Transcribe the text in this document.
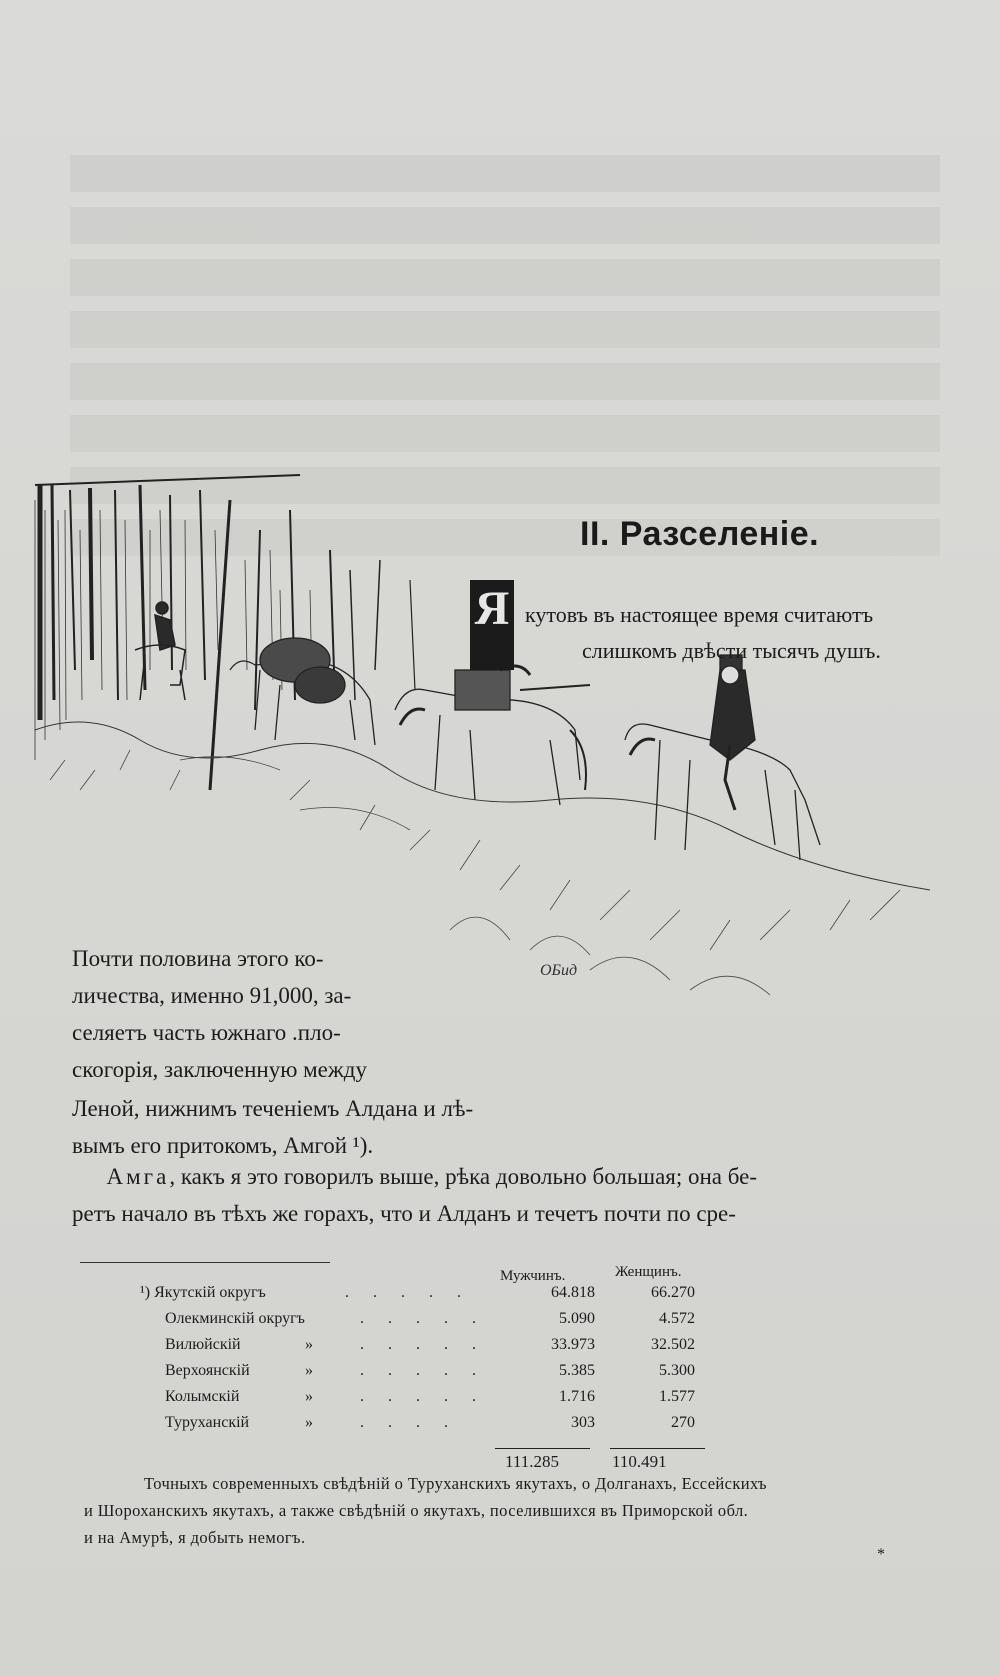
ОБид
II. Разселеніе.
Я кутовъ въ настоящее время считаютъ
слишкомъ двѣсти тысячъ душъ.
Почти половина этого ко-
личества, именно 91,000, за-
селяетъ часть южнаго .пло-
скогорія, заключенную между
Леной, нижнимъ теченіемъ Алдана и лѣ-
вымъ его притокомъ, Амгой ¹).
  Амга, какъ я это говорилъ выше, рѣка довольно большая; она бе-
ретъ начало въ тѣхъ же горахъ, что и Алданъ и течетъ почти по сре-
Мужчинъ.	Женщинъ.
¹) Якутскій округъ	. . . . .	64.818	66.270
Олекминскій округъ	. . . . .	5.090	4.572
Вилюйскій	»	. . . . .	33.973	32.502
Верхоянскій	»	. . . . .	5.385	5.300
Колымскій	»	. . . . .	1.716	1.577
Туруханскій	»	. . . .	303	270
111.285	110.491
Точныхъ современныхъ свѣдѣній о Туруханскихъ якутахъ, о Долганахъ, Ессейскихъ
и Шороханскихъ якутахъ, а также свѣдѣній о якутахъ, поселившихся въ Приморской обл.
и на Амурѣ, я добыть немогъ.
*
